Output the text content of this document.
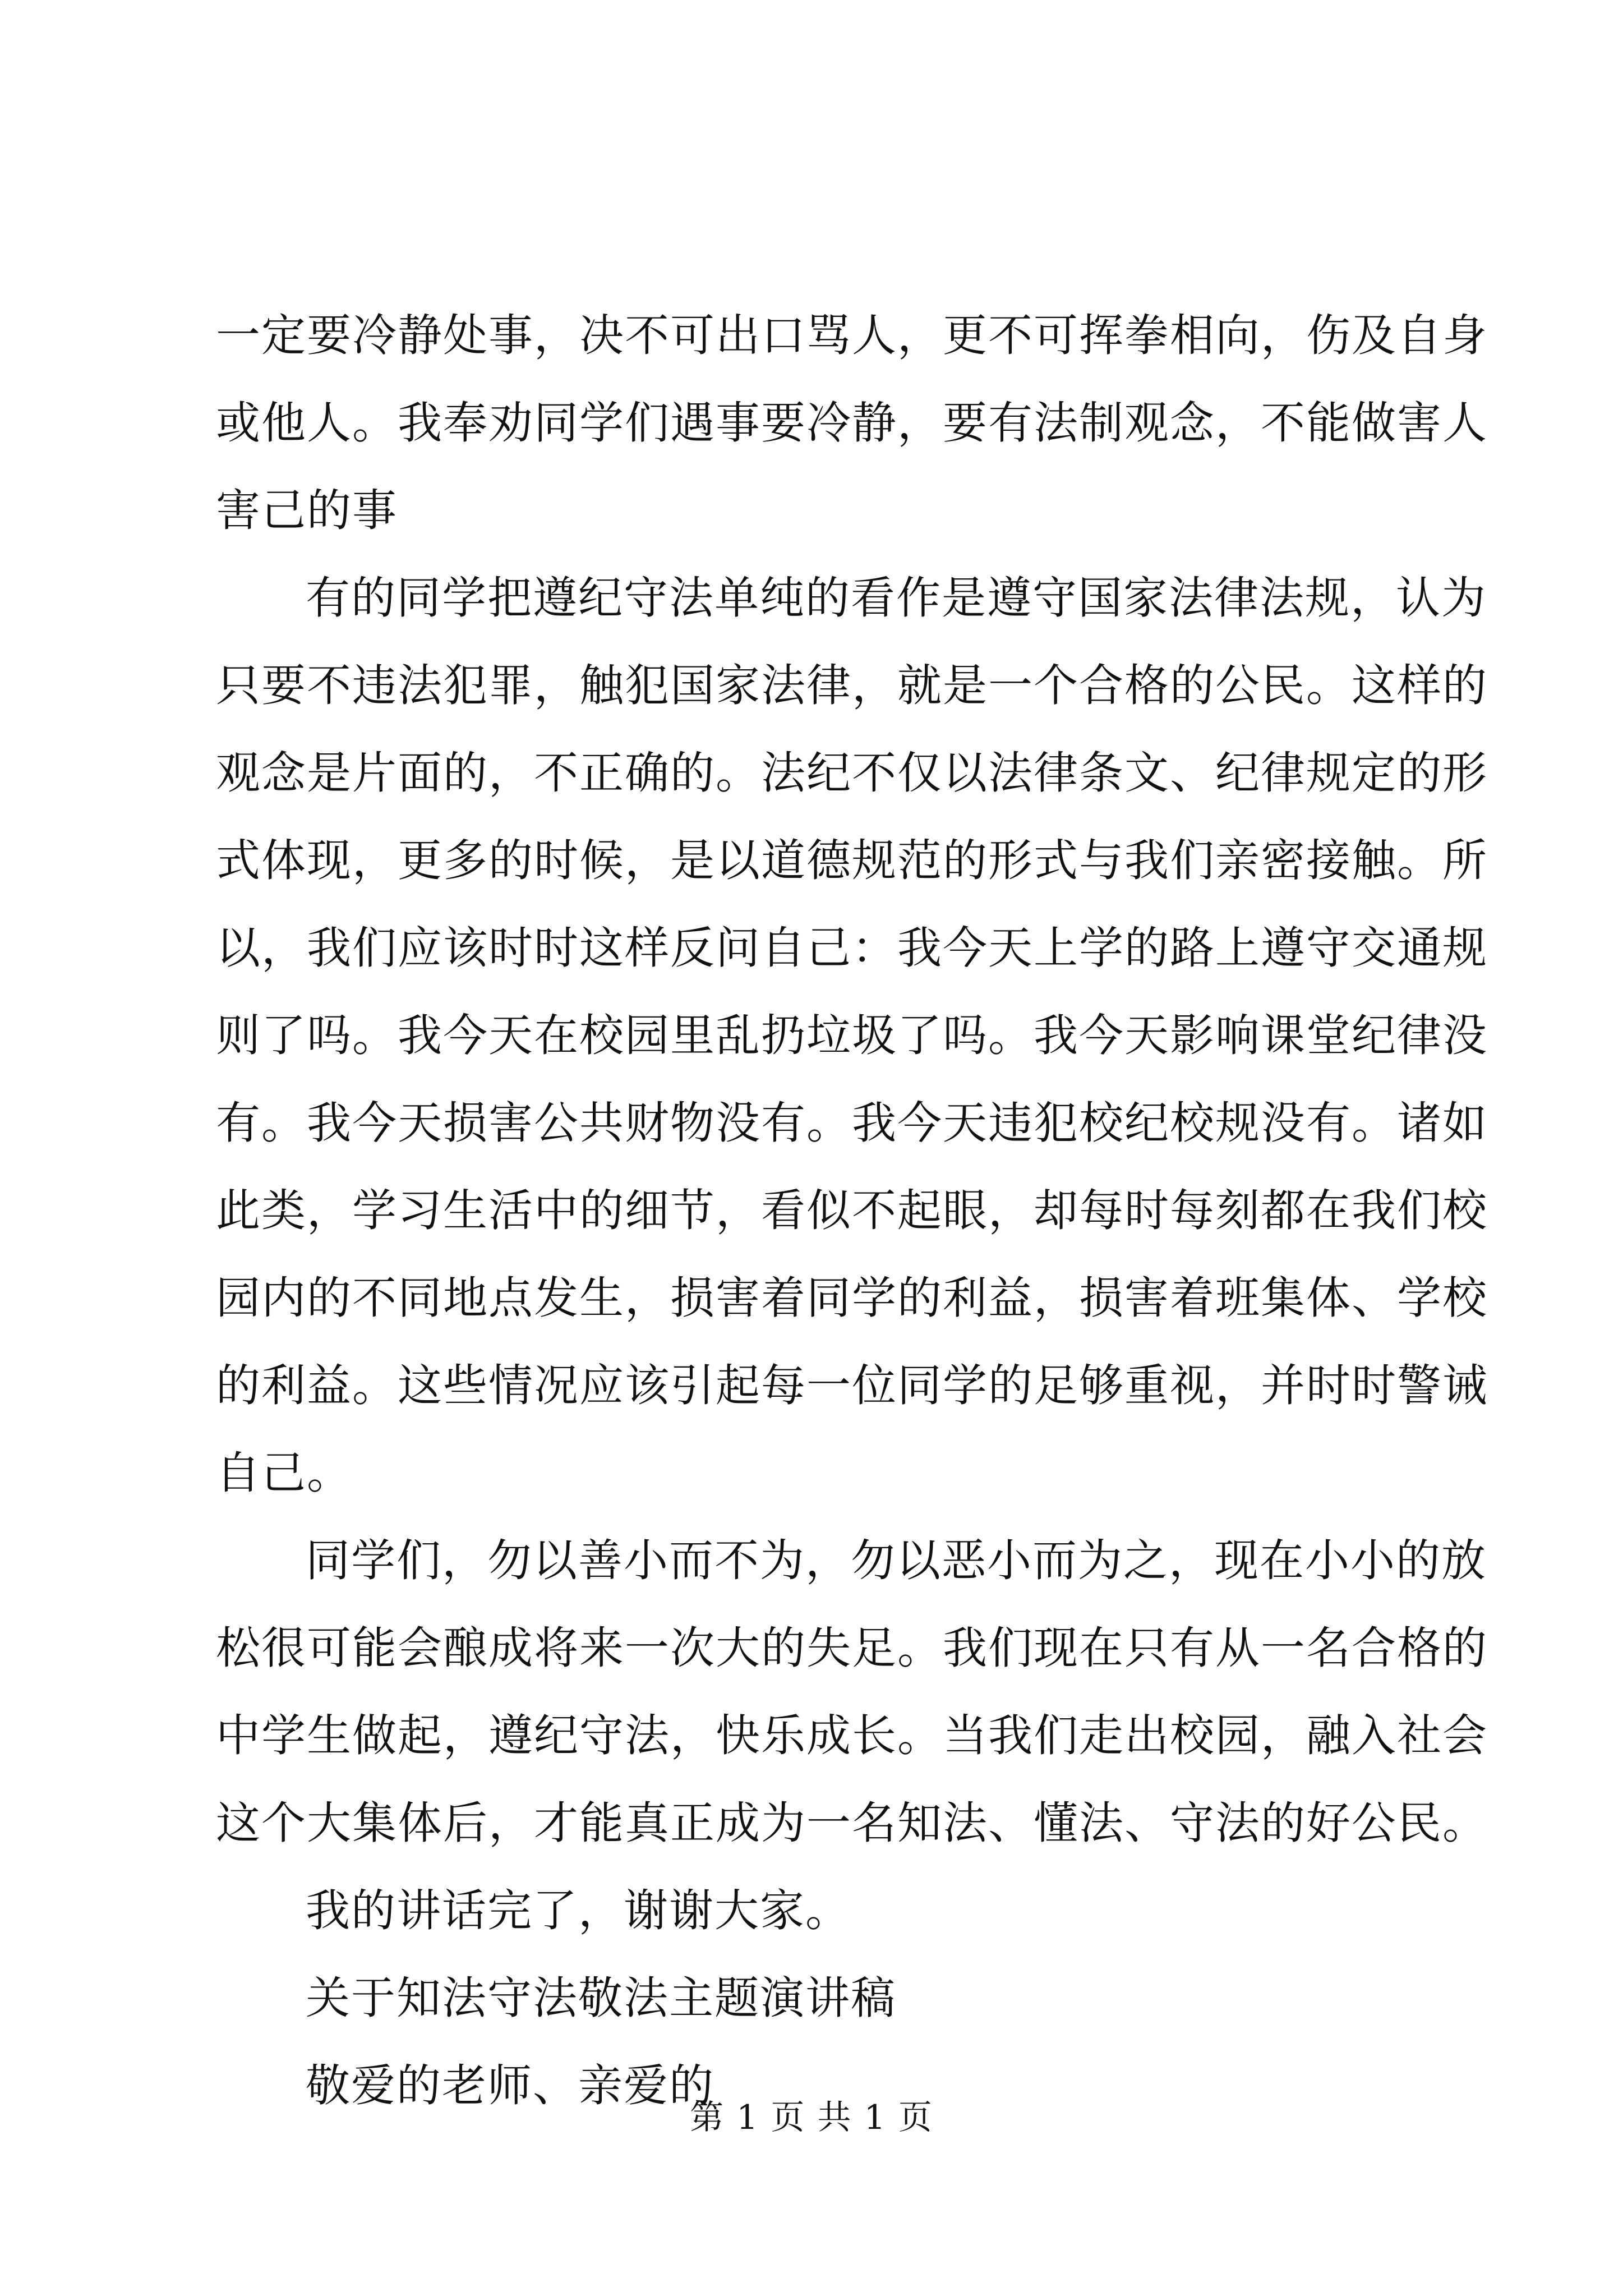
一定要冷静处事，决不可出口骂人，更不可挥拳相向，伤及自身
或他人。我奉劝同学们遇事要冷静，要有法制观念，不能做害人
害己的事
有的同学把遵纪守法单纯的看作是遵守国家法律法规，认为
只要不违法犯罪，触犯国家法律，就是一个合格的公民。这样的
观念是片面的，不正确的。法纪不仅以法律条文、纪律规定的形
式体现，更多的时候，是以道德规范的形式与我们亲密接触。所
以，我们应该时时这样反问自己：我今天上学的路上遵守交通规
则了吗。我今天在校园里乱扔垃圾了吗。我今天影响课堂纪律没
有。我今天损害公共财物没有。我今天违犯校纪校规没有。诸如
此类，学习生活中的细节，看似不起眼，却每时每刻都在我们校
园内的不同地点发生，损害着同学的利益，损害着班集体、学校
的利益。这些情况应该引起每一位同学的足够重视，并时时警诫
自己。
同学们，勿以善小而不为，勿以恶小而为之，现在小小的放
松很可能会酿成将来一次大的失足。我们现在只有从一名合格的
中学生做起，遵纪守法，快乐成长。当我们走出校园，融入社会
这个大集体后，才能真正成为一名知法、懂法、守法的好公民。
我的讲话完了，谢谢大家。
关于知法守法敬法主题演讲稿
敬爱的老师、亲爱的
第 1 页 共 1 页
